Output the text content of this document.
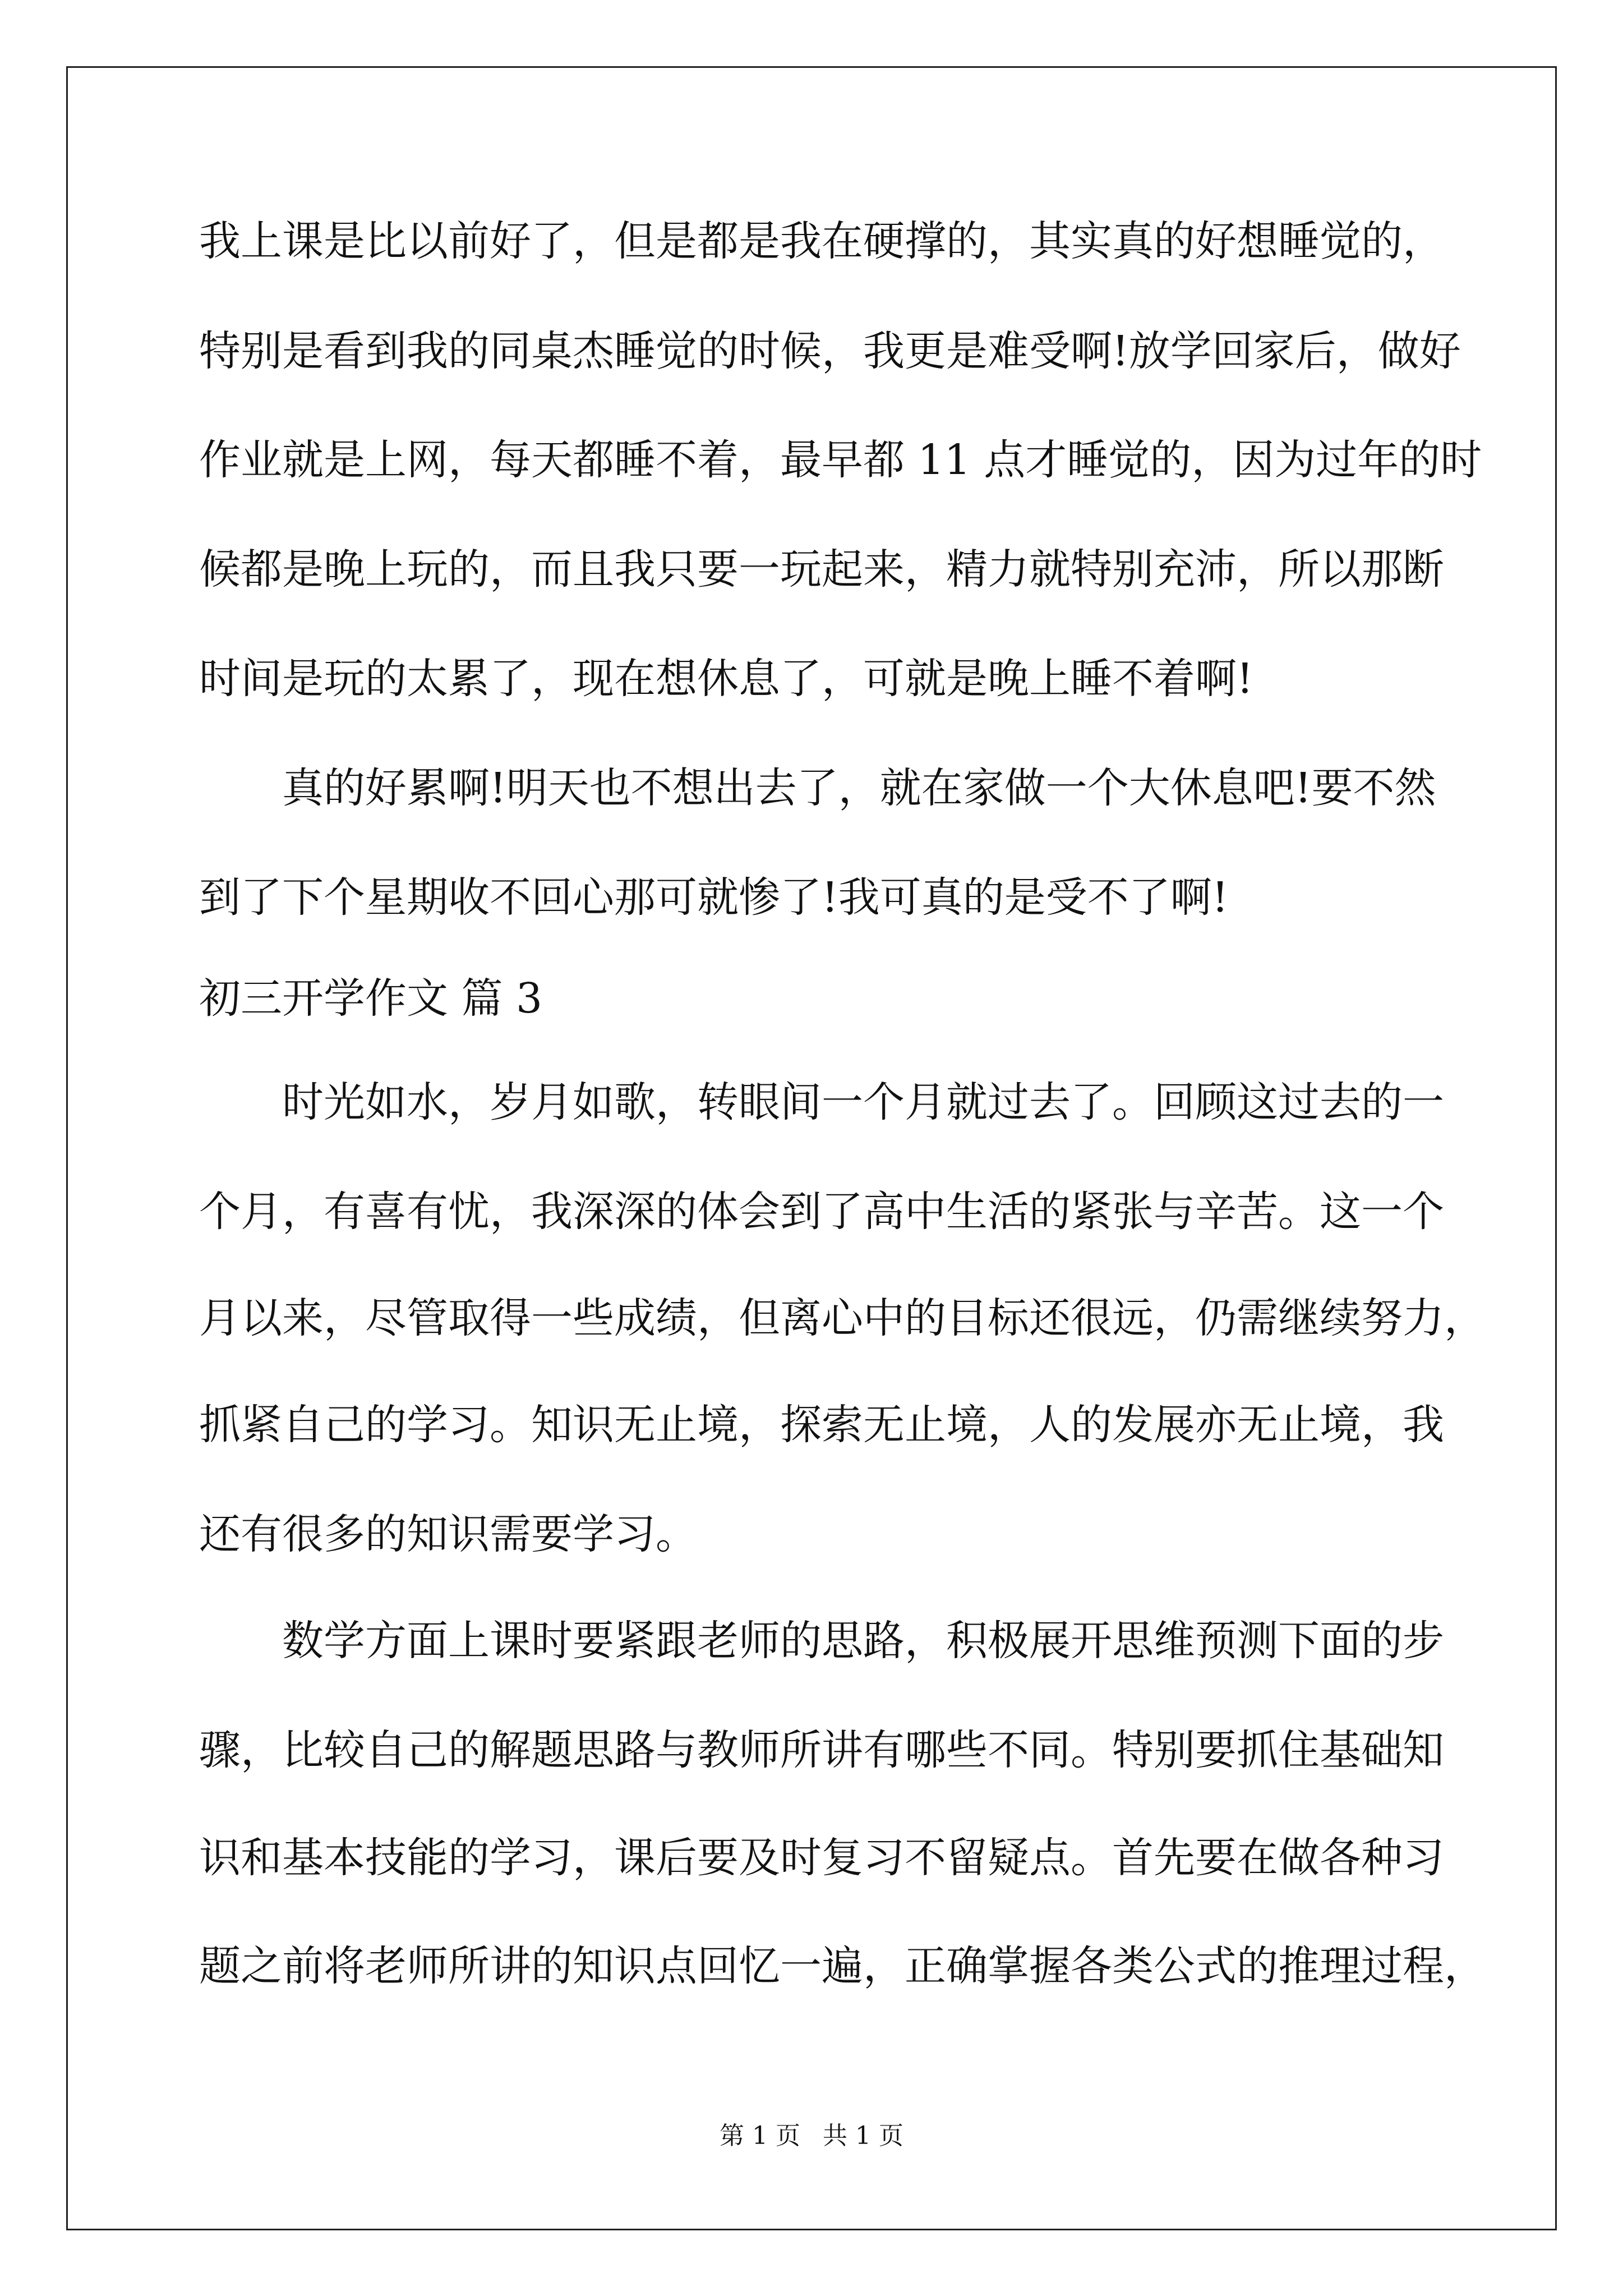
我上课是比以前好了，但是都是我在硬撑的，其实真的好想睡觉的，
特别是看到我的同桌杰睡觉的时候，我更是难受啊!放学回家后，做好
作业就是上网，每天都睡不着，最早都 11 点才睡觉的，因为过年的时
候都是晚上玩的，而且我只要一玩起来，精力就特别充沛，所以那断
时间是玩的太累了，现在想休息了，可就是晚上睡不着啊!
真的好累啊!明天也不想出去了，就在家做一个大休息吧!要不然
到了下个星期收不回心那可就惨了!我可真的是受不了啊!
初三开学作文 篇 3
时光如水，岁月如歌，转眼间一个月就过去了。回顾这过去的一
个月，有喜有忧，我深深的体会到了高中生活的紧张与辛苦。这一个
月以来，尽管取得一些成绩，但离心中的目标还很远，仍需继续努力，
抓紧自己的学习。知识无止境，探索无止境，人的发展亦无止境，我
还有很多的知识需要学习。
数学方面上课时要紧跟老师的思路，积极展开思维预测下面的步
骤，比较自己的解题思路与教师所讲有哪些不同。特别要抓住基础知
识和基本技能的学习，课后要及时复习不留疑点。首先要在做各种习
题之前将老师所讲的知识点回忆一遍，正确掌握各类公式的推理过程，
第 1 页 共 1 页
